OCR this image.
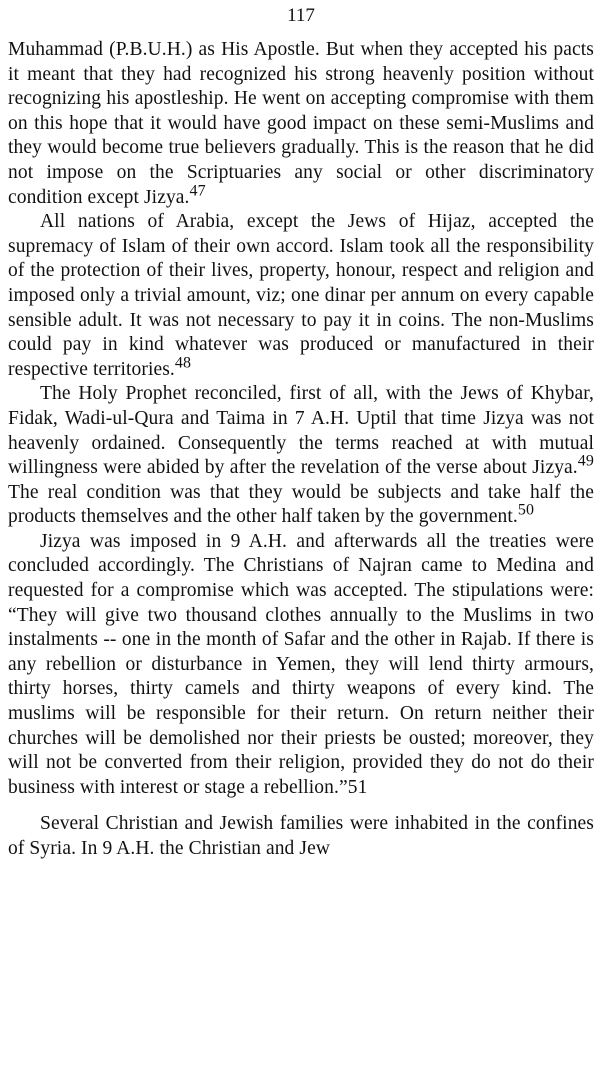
117

Muhammad (P.B.U.H.) as His Apostle. But when they accepted his pacts it meant that they had recognized his strong heavenly position without recognizing his apostleship. He went on accepting compromise with them on this hope that it would have good impact on these semi-Muslims and they would become true believers gradually. This is the reason that he did not impose on the Scriptuaries any social or other discriminatory condition except Jizya.$^{47}$

All nations of Arabia, except the Jews of Hijaz, accepted the supremacy of Islam of their own accord. Islam took all the responsibility of the protection of their lives, property, honour, respect and religion and imposed only a trivial amount, viz; one dinar per annum on every capable sensible adult. It was not necessary to pay it in coins. The non-Muslims could pay in kind whatever was produced or manufactured in their respective territories.$^{48}$

The Holy Prophet reconciled, first of all, with the Jews of Khybar, Fidak, Wadi-ul-Qura and Taima in 7 A.H. Uptil that time Jizya was not heavenly ordained. Consequently the terms reached at with mutual willingness were abided by after the revelation of the verse about Jizya.$^{49}$ The real condition was that they would be subjects and take half the products themselves and the other half taken by the government.$^{50}$

Jizya was imposed in 9 A.H. and afterwards all the treaties were concluded accordingly. The Christians of Najran came to Medina and requested for a compromise which was accepted. The stipulations were: “They will give two thousand clothes annually to the Muslims in two instalments -- one in the month of Safar and the other in Rajab. If there is any rebellion or disturbance in Yemen, they will lend thirty armours, thirty horses, thirty camels and thirty weapons of every kind. The muslims will be responsible for their return. On return neither their churches will be demolished nor their priests be ousted; moreover, they will not be converted from their religion, provided they do not do their business with interest or stage a rebellion.”51

Several Christian and Jewish families were inhabited in the confines of Syria. In 9 A.H. the Christian and Jew
